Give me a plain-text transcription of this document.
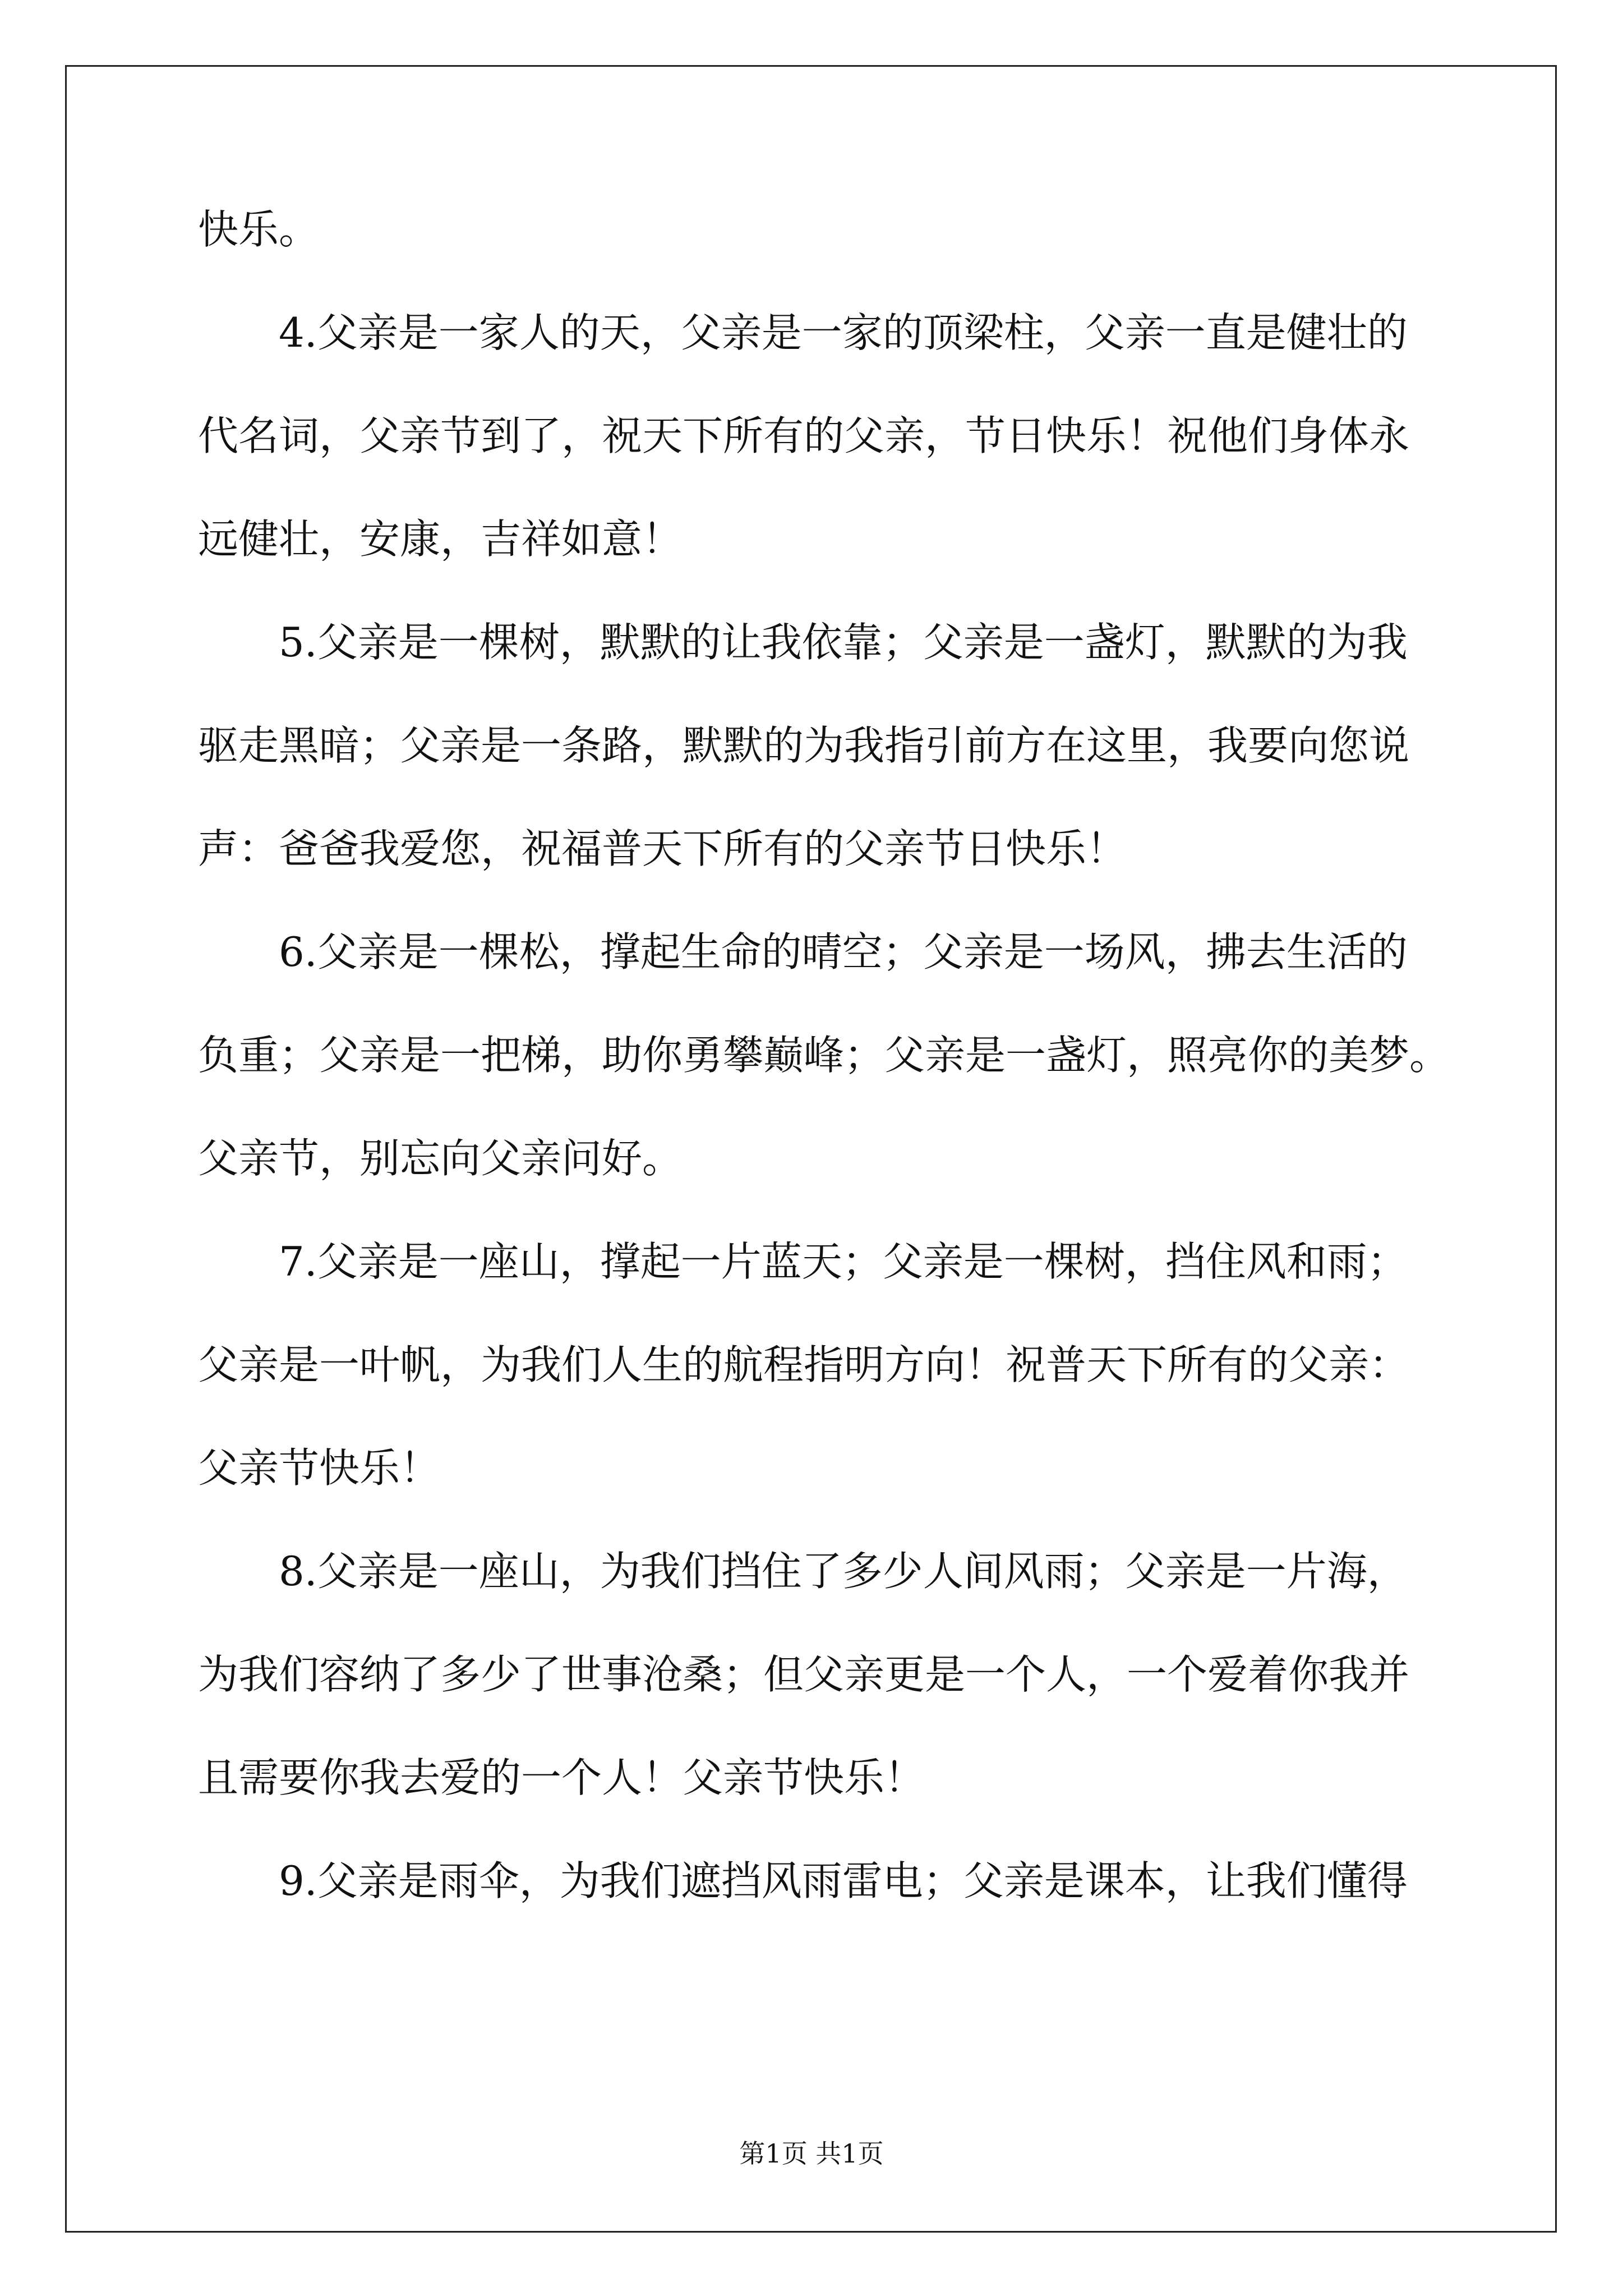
快乐。
4.父亲是一家人的天，父亲是一家的顶梁柱，父亲一直是健壮的
代名词，父亲节到了，祝天下所有的父亲，节日快乐！祝他们身体永
远健壮，安康，吉祥如意！
5.父亲是一棵树，默默的让我依靠；父亲是一盏灯，默默的为我
驱走黑暗；父亲是一条路，默默的为我指引前方在这里，我要向您说
声：爸爸我爱您，祝福普天下所有的父亲节日快乐！
6.父亲是一棵松，撑起生命的晴空；父亲是一场风，拂去生活的
负重；父亲是一把梯，助你勇攀巅峰；父亲是一盏灯，照亮你的美梦。
父亲节，别忘向父亲问好。
7.父亲是一座山，撑起一片蓝天；父亲是一棵树，挡住风和雨；
父亲是一叶帆，为我们人生的航程指明方向！祝普天下所有的父亲：
父亲节快乐！
8.父亲是一座山，为我们挡住了多少人间风雨；父亲是一片海，
为我们容纳了多少了世事沧桑；但父亲更是一个人，一个爱着你我并
且需要你我去爱的一个人！父亲节快乐！
9.父亲是雨伞，为我们遮挡风雨雷电；父亲是课本，让我们懂得
第1页 共1页
